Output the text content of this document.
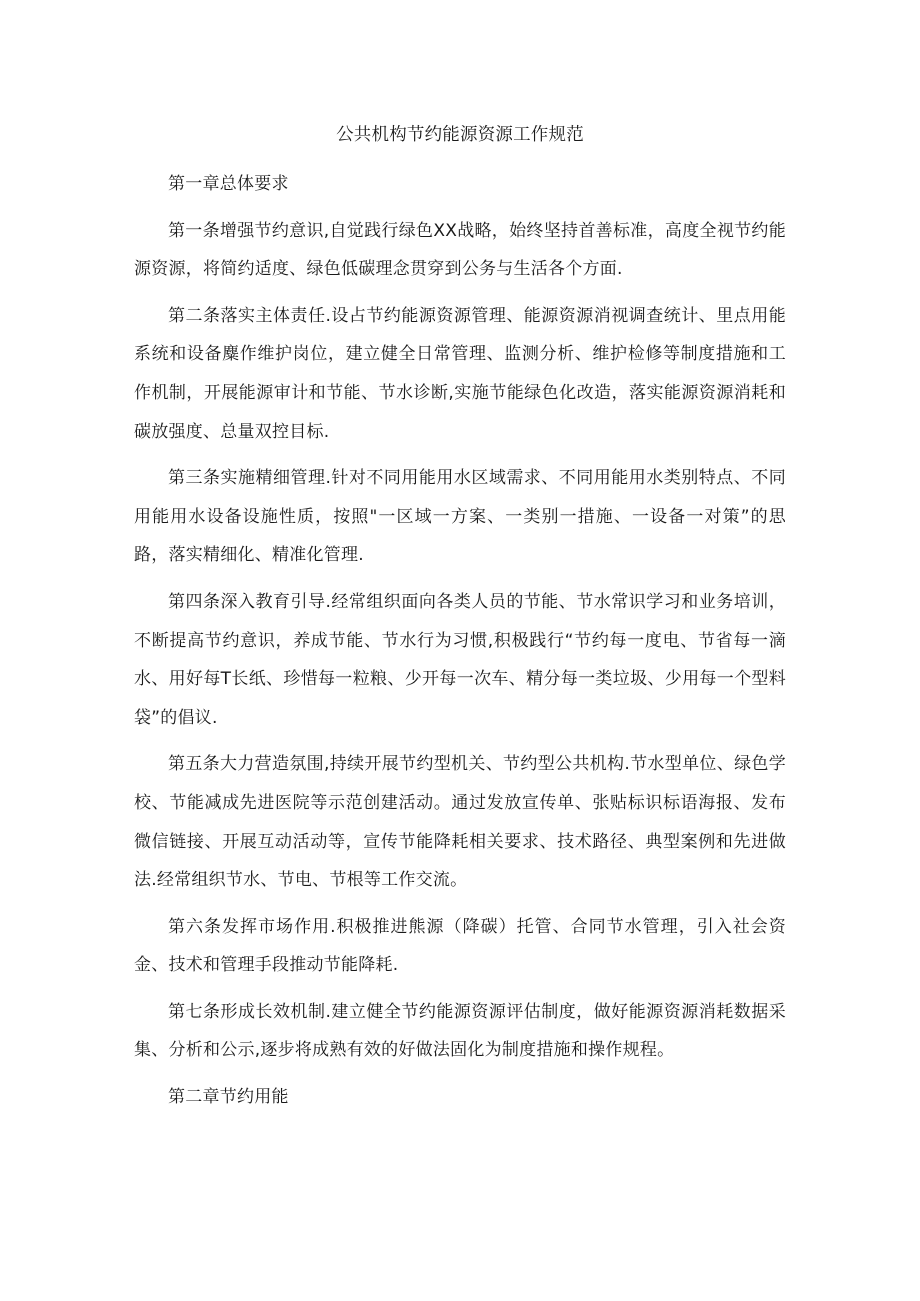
公共机构节约能源资源工作规范

第一章总体要求

第一条增强节约意识,自觉践行绿色XX战略，始终坚持首善标准，高度全视节约能源资源，将简约适度、绿色低碳理念贯穿到公务与生活各个方面.

第二条落实主体责任.设占节约能源资源管理、能源资源消视调查统计、里点用能系统和设备麋作维护岗位，建立健全日常管理、监测分析、维护检修等制度措施和工作机制，开展能源审计和节能、节水诊断,实施节能绿色化改造，落实能源资源消耗和碳放强度、总量双控目标.

第三条实施精细管理.针对不同用能用水区域需求、不同用能用水类别特点、不同用能用水设备设施性质，按照"一区域一方案、一类别一措施、一设备一对策”的思路，落实精细化、精准化管理.

第四条深入教育引导.经常组织面向各类人员的节能、节水常识学习和业务培训，不断提高节约意识，养成节能、节水行为习惯,积极践行“节约每一度电、节省每一滴水、用好每T长纸、珍惜每一粒粮、少开每一次车、精分每一类垃圾、少用每一个型料袋”的倡议.

第五条大力营造氛围,持续开展节约型机关、节约型公共机构.节水型单位、绿色学校、节能减成先进医院等示范创建活动。通过发放宣传单、张贴标识标语海报、发布微信链接、开展互动活动等，宣传节能降耗相关要求、技术路径、典型案例和先进做法.经常组织节水、节电、节根等工作交流。

第六条发挥市场作用.积极推进熊源（降碳）托管、合同节水管理，引入社会资金、技术和管理手段推动节能降耗.

第七条形成长效机制.建立健全节约能源资源评估制度，做好能源资源消耗数据采集、分析和公示,逐步将成熟有效的好做法固化为制度措施和操作规程。

第二章节约用能
